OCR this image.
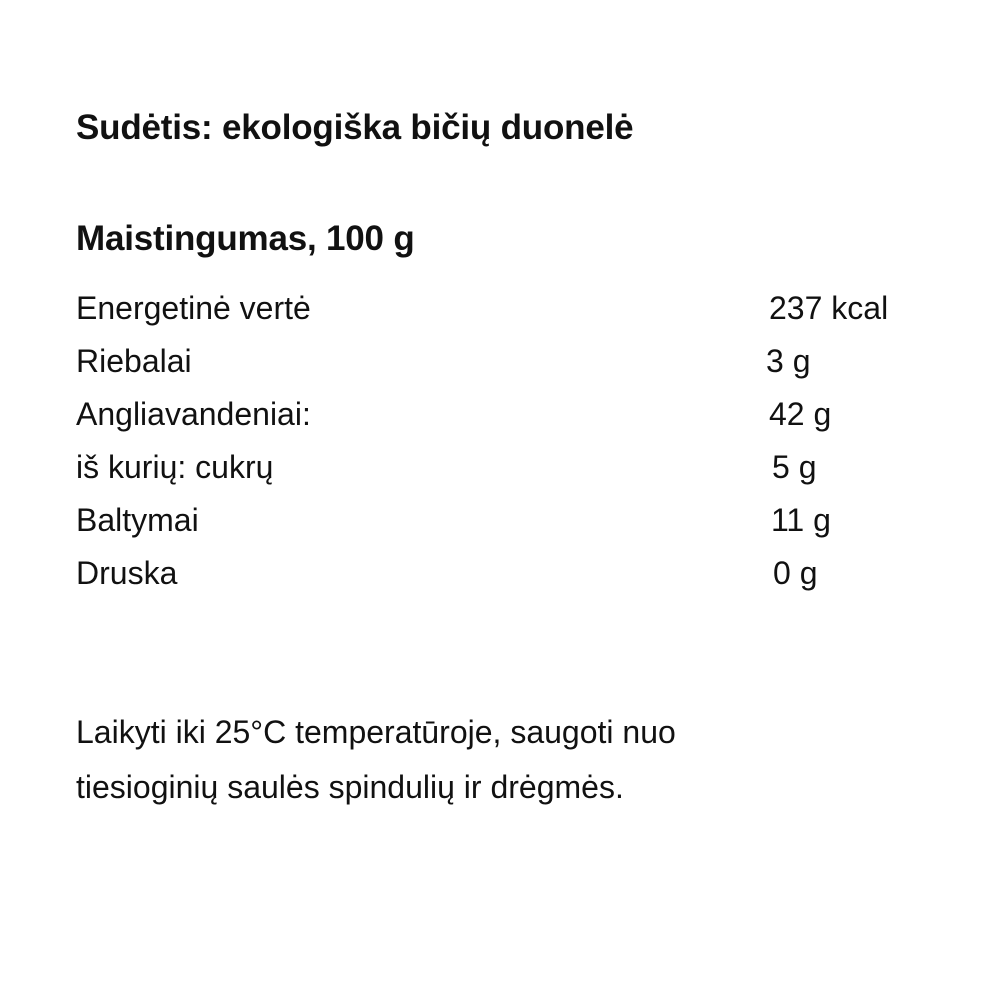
Sudėtis: ekologiška bičių duonelė
Maistingumas, 100 g
Energetinė vertė	237 kcal
Riebalai	3 g
Angliavandeniai:	42 g
iš kurių: cukrų	5 g
Baltymai	11 g
Druska	0 g

Laikyti iki 25°C temperatūroje, saugoti nuo
tiesioginių saulės spindulių ir drėgmės.
